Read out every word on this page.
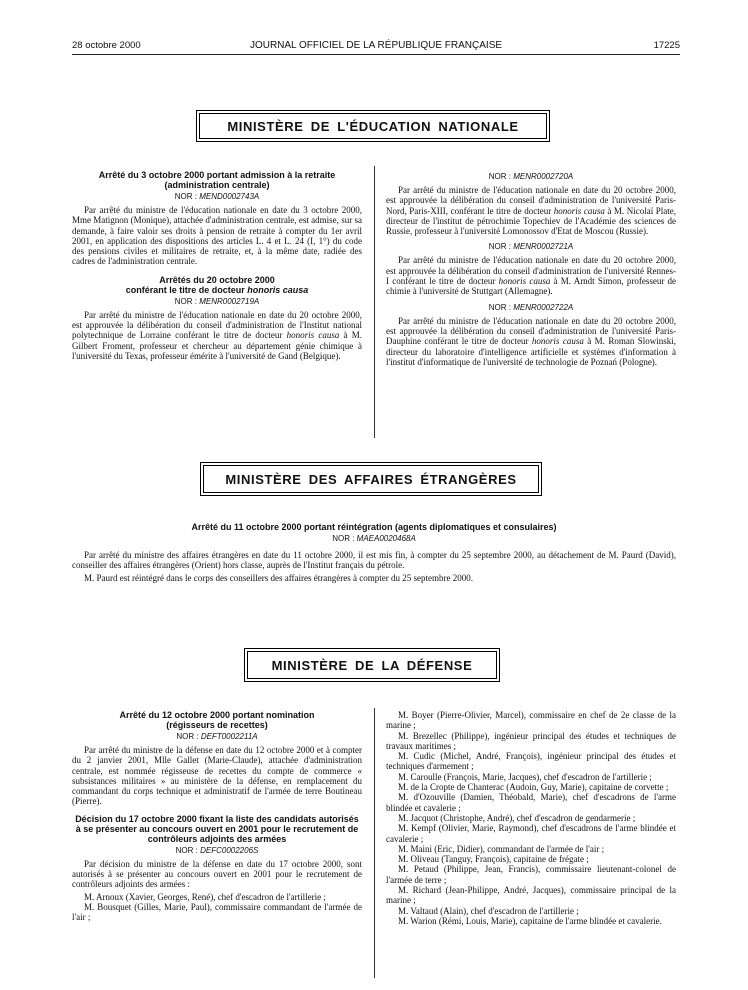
28 octobre 2000	JOURNAL OFFICIEL DE LA RÉPUBLIQUE FRANÇAISE	17225
MINISTÈRE DE L'ÉDUCATION NATIONALE
Arrêté du 3 octobre 2000 portant admission à la retraite (administration centrale)
NOR : MEND0002743A

Par arrêté du ministre de l'éducation nationale en date du 3 octobre 2000, Mme Matignon (Monique), attachée d'administration centrale, est admise, sur sa demande, à faire valoir ses droits à pension de retraite à compter du 1er avril 2001, en application des dispositions des articles L. 4 et L. 24 (I, 1°) du code des pensions civiles et militaires de retraite, et, à la même date, radiée des cadres de l'administration centrale.

Arrêtés du 20 octobre 2000
conférant le titre de docteur honoris causa
NOR : MENR0002719A

Par arrêté du ministre de l'éducation nationale en date du 20 octobre 2000, est approuvée la délibération du conseil d'administration de l'Institut national polytechnique de Lorraine conférant le titre de docteur honoris causa à M. Gilbert Froment, professeur et chercheur au département génie chimique à l'université du Texas, professeur émérite à l'université de Gand (Belgique).

NOR : MENR0002720A

Par arrêté du ministre de l'éducation nationale en date du 20 octobre 2000, est approuvée la délibération du conseil d'administration de l'université Paris-Nord, Paris-XIII, conférant le titre de docteur honoris causa à M. Nicolaï Plate, directeur de l'institut de pétrochimie Topechiev de l'Académie des sciences de Russie, professeur à l'université Lomonossov d'Etat de Moscou (Russie).

NOR : MENR0002721A

Par arrêté du ministre de l'éducation nationale en date du 20 octobre 2000, est approuvée la délibération du conseil d'administration de l'université Rennes-I conférant le titre de docteur honoris causa à M. Arndt Simon, professeur de chimie à l'université de Stuttgart (Allemagne).

NOR : MENR0002722A

Par arrêté du ministre de l'éducation nationale en date du 20 octobre 2000, est approuvée la délibération du conseil d'administration de l'université Paris-Dauphine conférant le titre de docteur honoris causa à M. Roman Slowinski, directeur du laboratoire d'intelligence artificielle et systèmes d'information à l'institut d'informatique de l'université de technologie de Poznań (Pologne).

MINISTÈRE DES AFFAIRES ÉTRANGÈRES
Arrêté du 11 octobre 2000 portant réintégration (agents diplomatiques et consulaires)
NOR : MAEA0020468A

Par arrêté du ministre des affaires étrangères en date du 11 octobre 2000, il est mis fin, à compter du 25 septembre 2000, au détachement de M. Paurd (David), conseiller des affaires étrangères (Orient) hors classe, auprès de l'Institut français du pétrole.

M. Paurd est réintégré dans le corps des conseillers des affaires étrangères à compter du 25 septembre 2000.

MINISTÈRE DE LA DÉFENSE
Arrêté du 12 octobre 2000 portant nomination (régisseurs de recettes)
NOR : DEFT0002211A

Par arrêté du ministre de la défense en date du 12 octobre 2000 et à compter du 2 janvier 2001, Mlle Gallet (Marie-Claude), attachée d'administration centrale, est nommée régisseuse de recettes du compte de commerce « subsistances militaires » au ministère de la défense, en remplacement du commandant du corps technique et administratif de l'armée de terre Boutineau (Pierre).

Décision du 17 octobre 2000 fixant la liste des candidats autorisés à se présenter au concours ouvert en 2001 pour le recrutement de contrôleurs adjoints des armées
NOR : DEFC0002206S

Par décision du ministre de la défense en date du 17 octobre 2000, sont autorisés à se présenter au concours ouvert en 2001 pour le recrutement de contrôleurs adjoints des armées :

M. Arnoux (Xavier, Georges, René), chef d'escadron de l'artillerie ;

M. Bousquet (Gilles, Marie, Paul), commissaire commandant de l'armée de l'air ;

M. Boyer (Pierre-Olivier, Marcel), commissaire en chef de 2e classe de la marine ;

M. Brezellec (Philippe), ingénieur principal des études et techniques de travaux maritimes ;

M. Cudic (Michel, André, François), ingénieur principal des études et techniques d'armement ;

M. Caroulle (François, Marie, Jacques), chef d'escadron de l'artillerie ;

M. de la Cropte de Chanterac (Audoin, Guy, Marie), capitaine de corvette ;

M. d'Ozouville (Damien, Théobald, Marie), chef d'escadrons de l'arme blindée et cavalerie ;

M. Jacquot (Christophe, André), chef d'escadron de gendarmerie ;

M. Kempf (Olivier, Marie, Raymond), chef d'escadrons de l'arme blindée et cavalerie ;

M. Maini (Eric, Didier), commandant de l'armée de l'air ;

M. Oliveau (Tanguy, François), capitaine de frégate ;

M. Petaud (Philippe, Jean, Francis), commissaire lieutenant-colonel de l'armée de terre ;

M. Richard (Jean-Philippe, André, Jacques), commissaire principal de la marine ;

M. Valtaud (Alain), chef d'escadron de l'artillerie ;

M. Warion (Rémi, Louis, Marie), capitaine de l'arme blindée et cavalerie.
